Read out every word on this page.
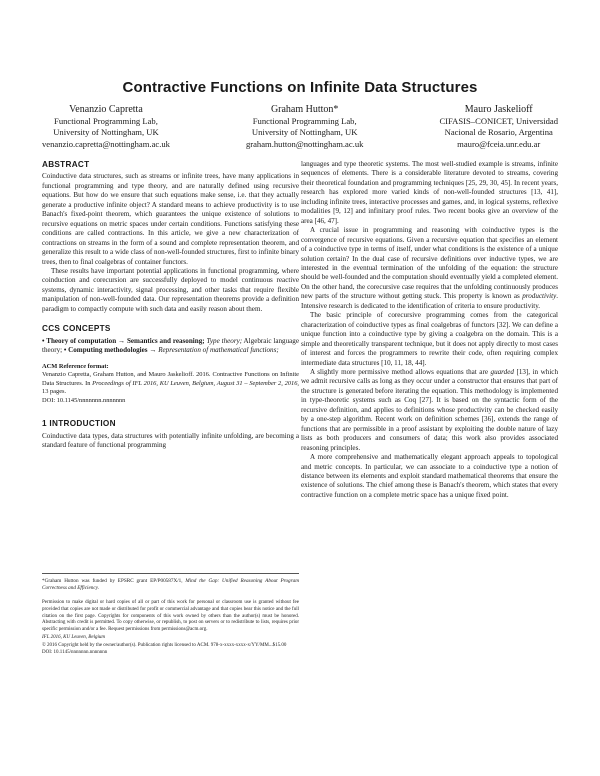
Contractive Functions on Infinite Data Structures
Venanzio Capretta
Functional Programming Lab,
University of Nottingham, UK
venanzio.capretta@nottingham.ac.uk
Graham Hutton*
Functional Programming Lab,
University of Nottingham, UK
graham.hutton@nottingham.ac.uk
Mauro Jaskelioff
CIFASIS–CONICET, Universidad
Nacional de Rosario, Argentina
mauro@fceia.unr.edu.ar
ABSTRACT

Coinductive data structures, such as streams or infinite trees, have many applications in functional programming and type theory, and are naturally defined using recursive equations. But how do we ensure that such equations make sense, i.e. that they actually generate a productive infinite object? A standard means to achieve productivity is to use Banach's fixed-point theorem, which guarantees the unique existence of solutions to recursive equations on metric spaces under certain conditions. Functions satisfying these conditions are called contractions. In this article, we give a new characterization of contractions on streams in the form of a sound and complete representation theorem, and generalize this result to a wide class of non-well-founded structures, first to infinite binary trees, then to final coalgebras of container functors.

These results have important potential applications in functional programming, where coinduction and corecursion are successfully deployed to model continuous reactive systems, dynamic interactivity, signal processing, and other tasks that require flexible manipulation of non-well-founded data. Our representation theorems provide a definition paradigm to compactly compute with such data and easily reason about them.

CCS CONCEPTS

• Theory of computation → Semantics and reasoning; Type theory; Algebraic language theory; • Computing methodologies → Representation of mathematical functions;

ACM Reference format:

Venanzio Capretta, Graham Hutton, and Mauro Jaskelioff. 2016. Contractive Functions on Infinite Data Structures. In Proceedings of IFL 2016, KU Leuven, Belgium, August 31 – September 2, 2016, 13 pages.

DOI: 10.1145/nnnnnnn.nnnnnnn

1 INTRODUCTION

Coinductive data types, data structures with potentially infinite unfolding, are becoming a standard feature of functional programming

*Graham Hutton was funded by EPSRC grant EP/P00587X/1, Mind the Gap: Unified Reasoning About Program Correctness and Efficiency.

Permission to make digital or hard copies of all or part of this work for personal or classroom use is granted without fee provided that copies are not made or distributed for profit or commercial advantage and that copies bear this notice and the full citation on the first page. Copyrights for components of this work owned by others than the author(s) must be honored. Abstracting with credit is permitted. To copy otherwise, or republish, to post on servers or to redistribute to lists, requires prior specific permission and/or a fee. Request permissions from permissions@acm.org.

IFL 2016, KU Leuven, Belgium

© 2016 Copyright held by the owner/author(s). Publication rights licensed to ACM. 978-x-xxxx-xxxx-x/YY/MM...$15.00

DOI: 10.1145/nnnnnnn.nnnnnnn

languages and type theoretic systems. The most well-studied example is streams, infinite sequences of elements. There is a considerable literature devoted to streams, covering their theoretical foundation and programming techniques [25, 29, 30, 45]. In recent years, research has explored more varied kinds of non-well-founded structures [13, 41], including infinite trees, interactive processes and games, and, in logical systems, reflexive modalities [9, 12] and infinitary proof rules. Two recent books give an overview of the area [46, 47].

A crucial issue in programming and reasoning with coinductive types is the convergence of recursive equations. Given a recursive equation that specifies an element of a coinductive type in terms of itself, under what conditions is the existence of a unique solution certain? In the dual case of recursive definitions over inductive types, we are interested in the eventual termination of the unfolding of the equation: the structure should be well-founded and the computation should eventually yield a completed element. On the other hand, the corecursive case requires that the unfolding continuously produces new parts of the structure without getting stuck. This property is known as productivity. Intensive research is dedicated to the identification of criteria to ensure productivity.

The basic principle of corecursive programming comes from the categorical characterization of coinductive types as final coalgebras of functors [32]. We can define a unique function into a coinductive type by giving a coalgebra on the domain. This is a simple and theoretically transparent technique, but it does not apply directly to most cases of interest and forces the programmers to rewrite their code, often requiring complex intermediate data structures [10, 11, 18, 44].

A slightly more permissive method allows equations that are guarded [13], in which we admit recursive calls as long as they occur under a constructor that ensures that part of the structure is generated before iterating the equation. This methodology is implemented in type-theoretic systems such as Coq [27]. It is based on the syntactic form of the recursive definition, and applies to definitions whose productivity can be checked easily by a one-step algorithm. Recent work on definition schemes [36], extends the range of functions that are permissible in a proof assistant by exploiting the double nature of lazy lists as both producers and consumers of data; this work also provides associated reasoning principles.

A more comprehensive and mathematically elegant approach appeals to topological and metric concepts. In particular, we can associate to a coinductive type a notion of distance between its elements and exploit standard mathematical theorems that ensure the existence of solutions. The chief among these is Banach's theorem, which states that every contractive function on a complete metric space has a unique fixed point.
